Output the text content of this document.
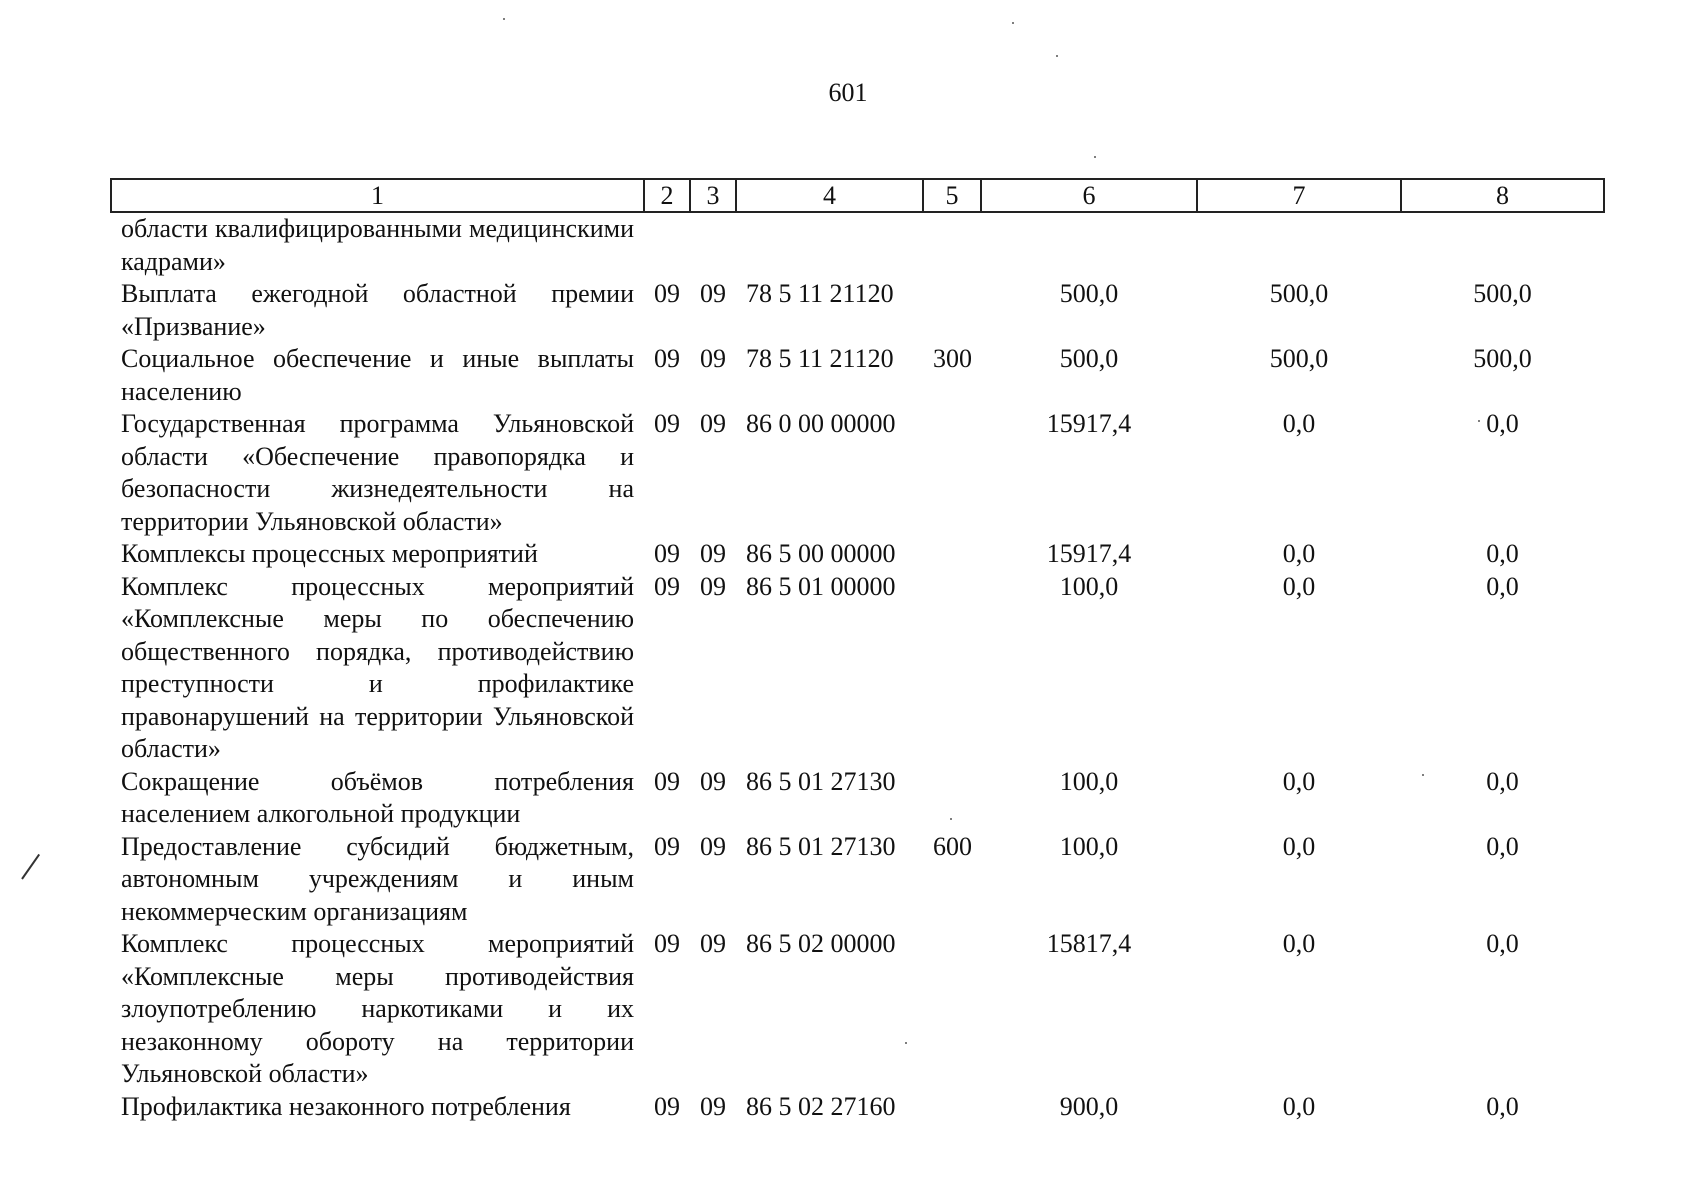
601
1	2	3	4	5	6	7	8
области квалифицированными медицинскими кадрами»							
Выплата ежегодной областной премии «Призвание»	09	09	78 5 11 21120		500,0	500,0	500,0
Социальное обеспечение и иные выплаты населению	09	09	78 5 11 21120	300	500,0	500,0	500,0
Государственная программа Ульяновской области «Обеспечение правопорядка и безопасности жизнедеятельности на территории Ульяновской области»	09	09	86 0 00 00000		15917,4	0,0	0,0
Комплексы процессных мероприятий	09	09	86 5 00 00000		15917,4	0,0	0,0
Комплекс процессных мероприятий «Комплексные меры по обеспечению общественного порядка, противодействию преступности и профилактике правонарушений на территории Ульяновской области»	09	09	86 5 01 00000		100,0	0,0	0,0
Сокращение объёмов потребления населением алкогольной продукции	09	09	86 5 01 27130		100,0	0,0	0,0
Предоставление субсидий бюджетным, автономным учреждениям и иным некоммерческим организациям	09	09	86 5 01 27130	600	100,0	0,0	0,0
Комплекс процессных мероприятий «Комплексные меры противодействия злоупотреблению наркотиками и их незаконному обороту на территории Ульяновской области»	09	09	86 5 02 00000		15817,4	0,0	0,0
Профилактика незаконного потребления	09	09	86 5 02 27160		900,0	0,0	0,0
